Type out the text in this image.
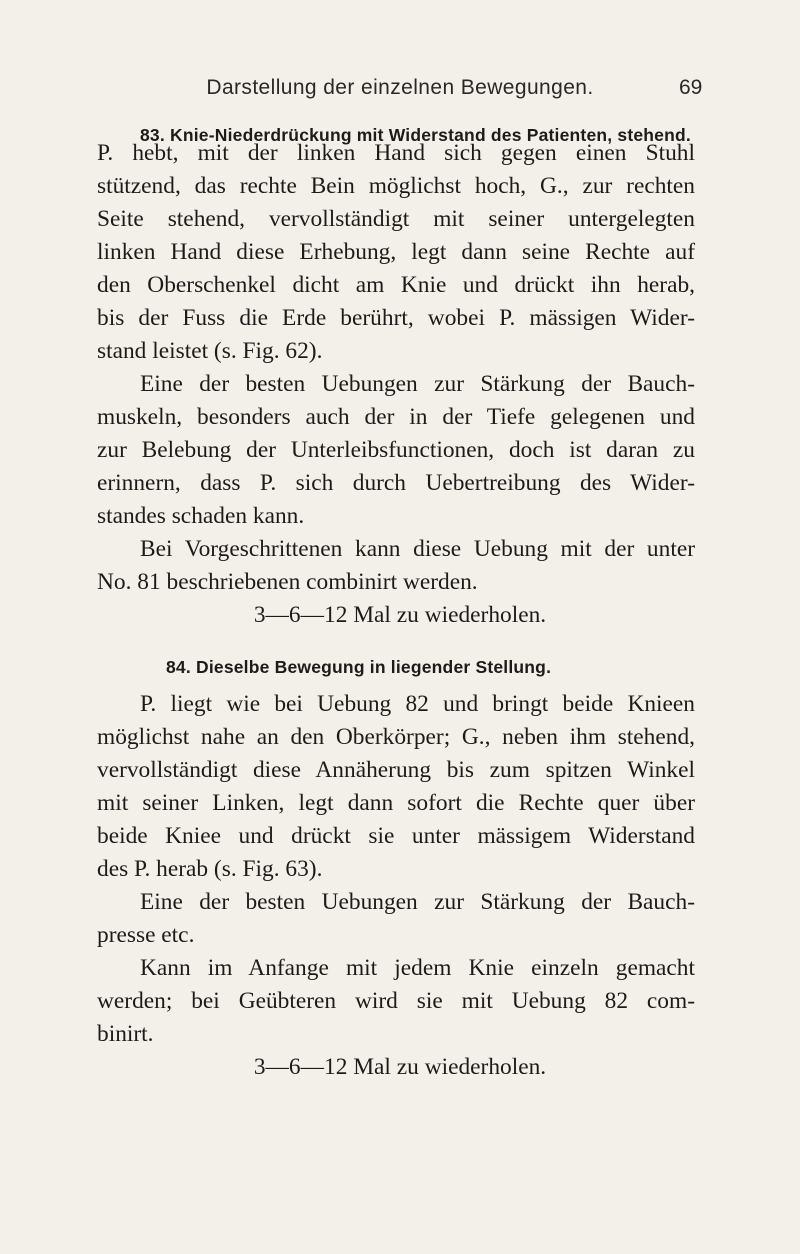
Darstellung der einzelnen Bewegungen.	69
83. Knie-Niederdrückung mit Widerstand des Patienten, stehend.
P. hebt, mit der linken Hand sich gegen einen Stuhl
stützend, das rechte Bein möglichst hoch, G., zur rechten
Seite stehend, vervollständigt mit seiner untergelegten
linken Hand diese Erhebung, legt dann seine Rechte auf
den Oberschenkel dicht am Knie und drückt ihn herab,
bis der Fuss die Erde berührt, wobei P. mässigen Wider-
stand leistet (s. Fig. 62).
Eine der besten Uebungen zur Stärkung der Bauch-
muskeln, besonders auch der in der Tiefe gelegenen und
zur Belebung der Unterleibsfunctionen, doch ist daran zu
erinnern, dass P. sich durch Uebertreibung des Wider-
standes schaden kann.
Bei Vorgeschrittenen kann diese Uebung mit der unter
No. 81 beschriebenen combinirt werden.
3—6—12 Mal zu wiederholen.
84. Dieselbe Bewegung in liegender Stellung.
P. liegt wie bei Uebung 82 und bringt beide Knieen
möglichst nahe an den Oberkörper; G., neben ihm stehend,
vervollständigt diese Annäherung bis zum spitzen Winkel
mit seiner Linken, legt dann sofort die Rechte quer über
beide Kniee und drückt sie unter mässigem Widerstand
des P. herab (s. Fig. 63).
Eine der besten Uebungen zur Stärkung der Bauch-
presse etc.
Kann im Anfange mit jedem Knie einzeln gemacht
werden; bei Geübteren wird sie mit Uebung 82 com-
binirt.
3—6—12 Mal zu wiederholen.
